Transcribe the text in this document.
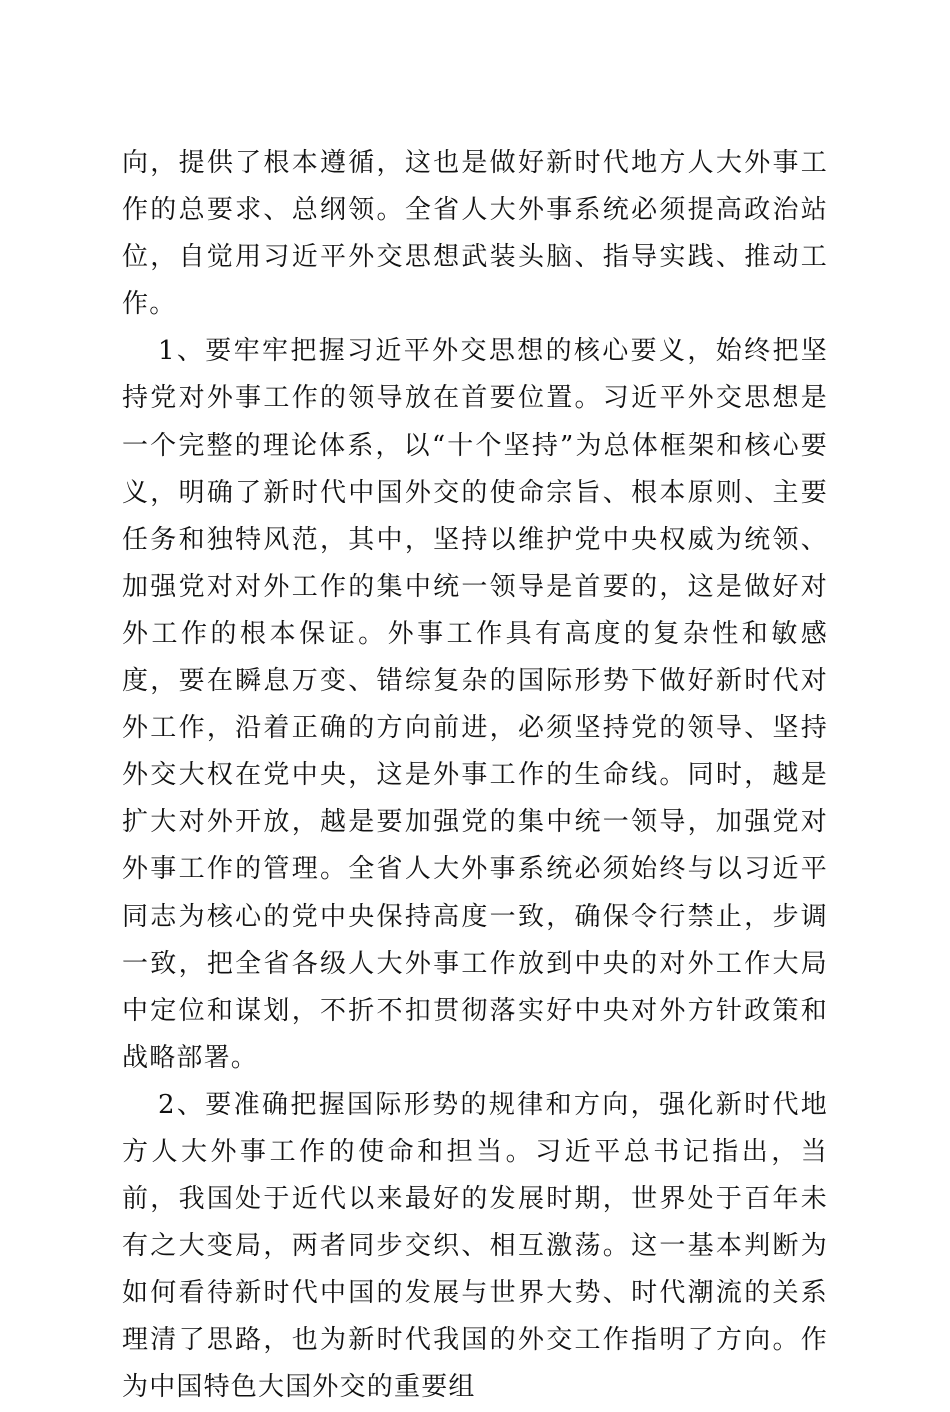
向，提供了根本遵循，这也是做好新时代地方人大外事工作的总要求、总纲领。全省人大外事系统必须提高政治站位，自觉用习近平外交思想武装头脑、指导实践、推动工作。

1、要牢牢把握习近平外交思想的核心要义，始终把坚持党对外事工作的领导放在首要位置。习近平外交思想是一个完整的理论体系，以“十个坚持”为总体框架和核心要义，明确了新时代中国外交的使命宗旨、根本原则、主要任务和独特风范，其中，坚持以维护党中央权威为统领、加强党对对外工作的集中统一领导是首要的，这是做好对外工作的根本保证。外事工作具有高度的复杂性和敏感度，要在瞬息万变、错综复杂的国际形势下做好新时代对外工作，沿着正确的方向前进，必须坚持党的领导、坚持外交大权在党中央，这是外事工作的生命线。同时，越是扩大对外开放，越是要加强党的集中统一领导，加强党对外事工作的管理。全省人大外事系统必须始终与以习近平同志为核心的党中央保持高度一致，确保令行禁止，步调一致，把全省各级人大外事工作放到中央的对外工作大局中定位和谋划，不折不扣贯彻落实好中央对外方针政策和战略部署。

2、要准确把握国际形势的规律和方向，强化新时代地方人大外事工作的使命和担当。习近平总书记指出，当前，我国处于近代以来最好的发展时期，世界处于百年未有之大变局，两者同步交织、相互激荡。这一基本判断为如何看待新时代中国的发展与世界大势、时代潮流的关系理清了思路，也为新时代我国的外交工作指明了方向。作为中国特色大国外交的重要组
